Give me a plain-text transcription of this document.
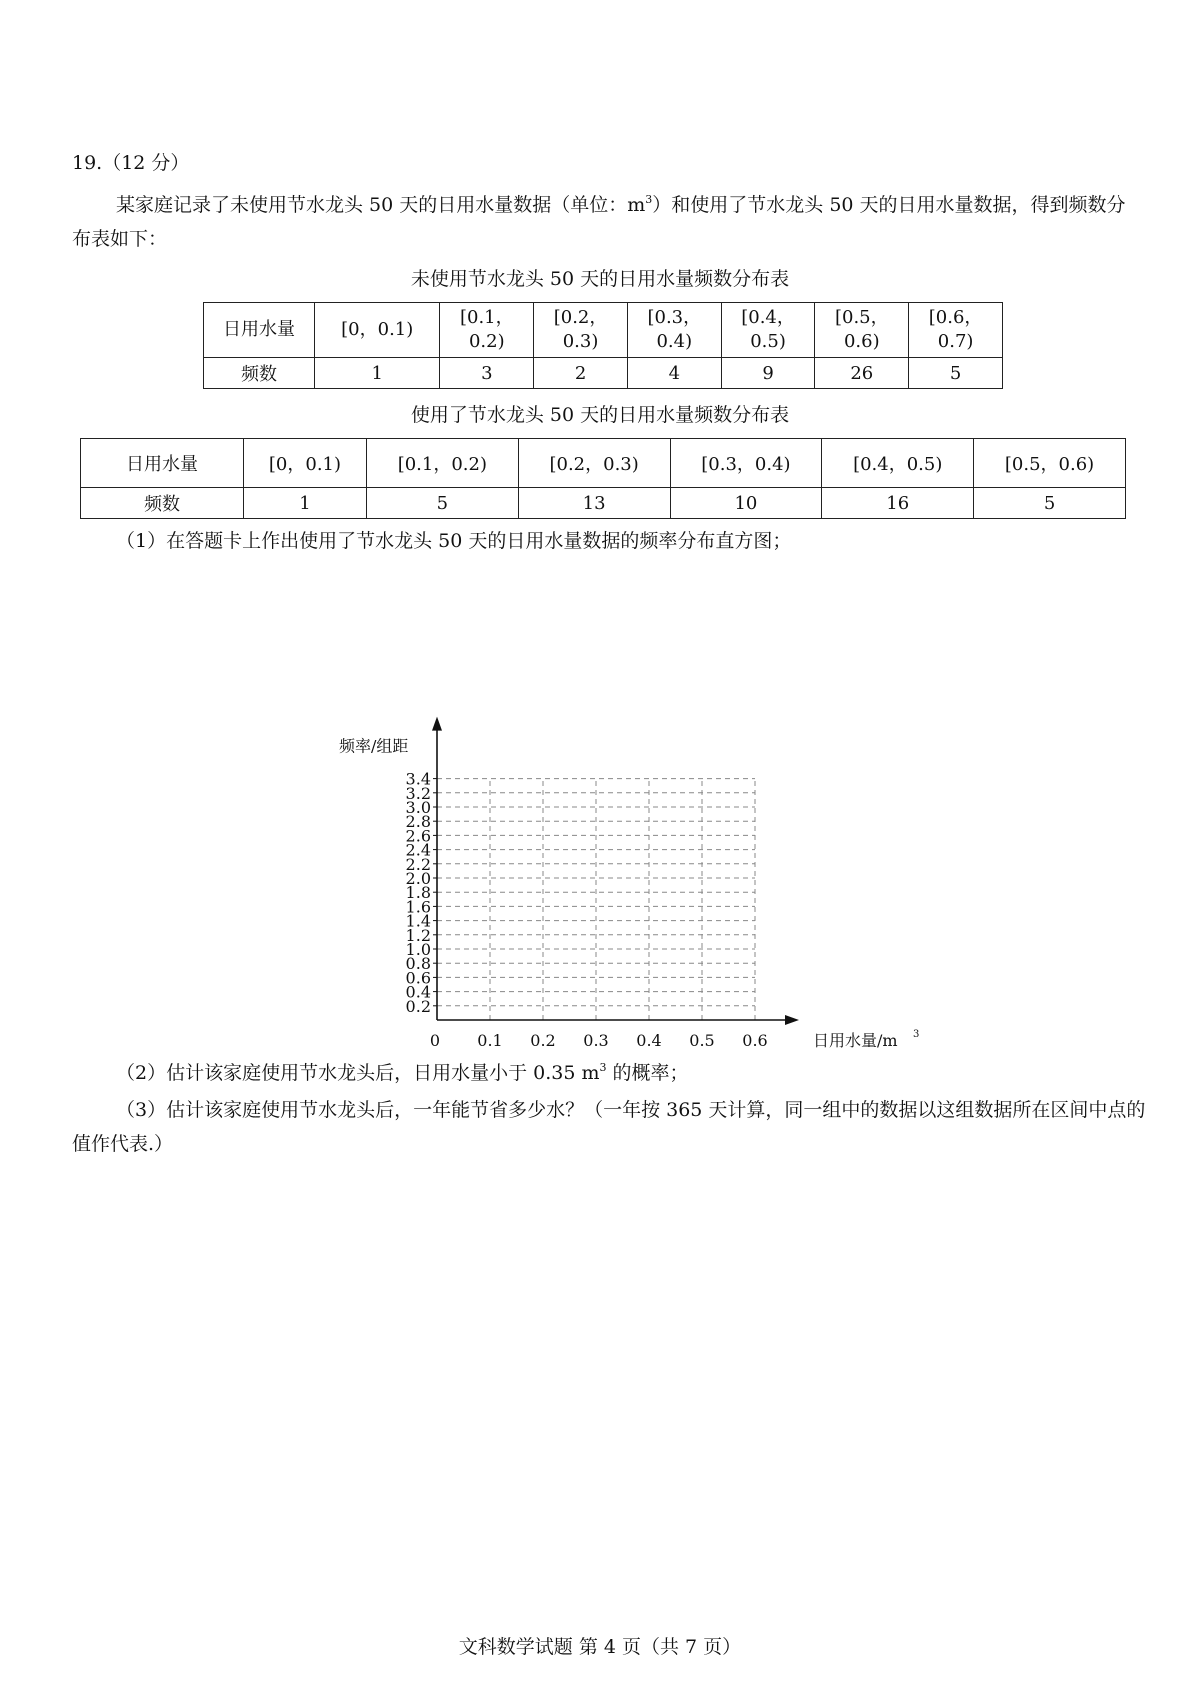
19.（12 分）
某家庭记录了未使用节水龙头 50 天的日用水量数据（单位：$m^3$）和使用了节水龙头 50 天的日用水量数据，得到频数分布表如下：
未使用节水龙头 50 天的日用水量频数分布表
日用水量	[0，0.1)	[0.1，
0.2)	[0.2，
0.3)	[0.3，
0.4)	[0.4，
0.5)	[0.5，
0.6)	[0.6，
0.7)
频数	1	3	2	4	9	26	5
使用了节水龙头 50 天的日用水量频数分布表
日用水量	[0，0.1)	[0.1，0.2)	[0.2，0.3)	[0.3，0.4)	[0.4，0.5)	[0.5，0.6)
频数	1	5	13	10	16	5
（1）在答题卡上作出使用了节水龙头 50 天的日用水量数据的频率分布直方图；
0.2
0.4
0.6
0.8
1.0
1.2
1.4
1.6
1.8
2.0
2.2
2.4
2.6
2.8
3.0
3.2
3.4
0.1 0.2 0.3 0.4 0.5 0.6
0
频率/组距
日用水量/m 3
（2）估计该家庭使用节水龙头后，日用水量小于 0.35 $m^3$ 的概率；
（3）估计该家庭使用节水龙头后，一年能节省多少水？（一年按 365 天计算，同一组中的数据以这组数据所在区间中点的值作代表.）
文科数学试题 第 4 页（共 7 页）
